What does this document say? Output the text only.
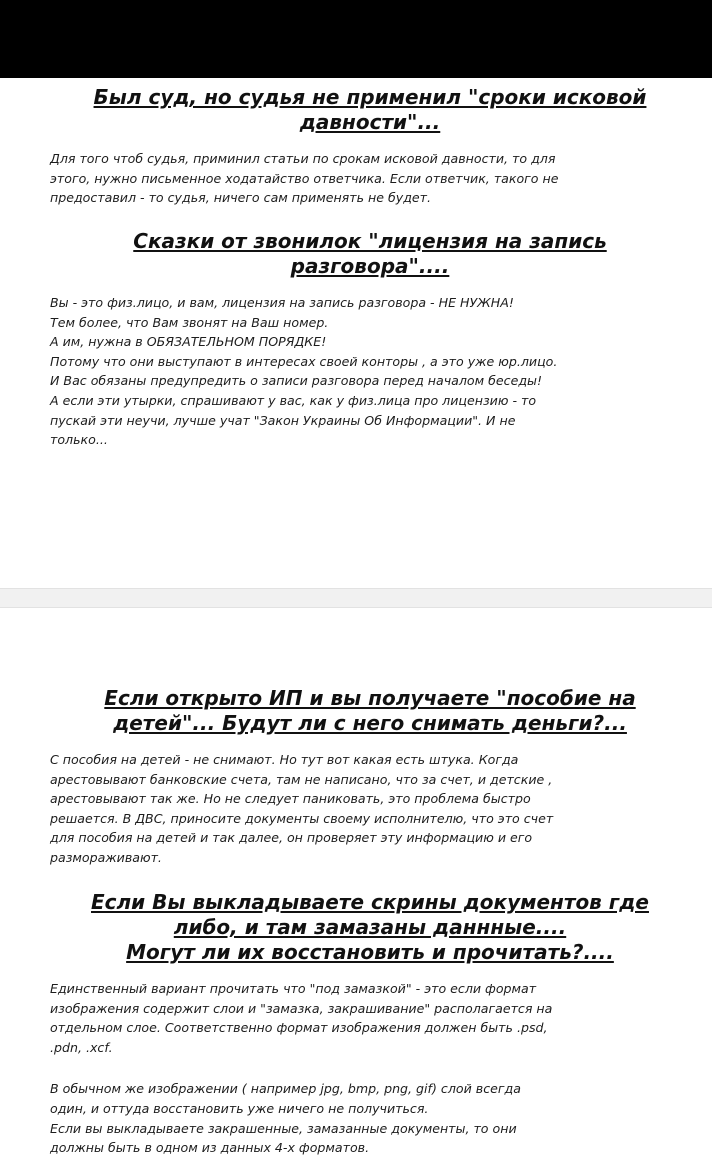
Был суд, но судья не применил "сроки исковой
давности"...
Для того чтоб судья, приминил статьи по срокам исковой давности, то для
этого, нужно письменное ходатайство ответчика. Если ответчик, такого не
предоставил - то судья, ничего сам применять не будет.
Сказки от звонилок "лицензия на запись
разговора"....
Вы - это физ.лицо, и вам, лицензия на запись разговора - НЕ НУЖНА!
Тем более, что Вам звонят на Ваш номер.
А им, нужна в ОБЯЗАТЕЛЬНОМ ПОРЯДКЕ!
Потому что они выступают в интересах своей конторы , а это уже юр.лицо.
И Вас обязаны предупредить о записи разговора перед началом беседы!
А если эти утырки, спрашивают у вас, как у физ.лица про лицензию - то
пускай эти неучи, лучше учат "Закон Украины Об Информации". И не
только...
Если открыто ИП и вы получаете "пособие на
детей"... Будут ли с него снимать деньги?...
С пособия на детей - не снимают. Но тут вот какая есть штука. Когда
арестовывают банковские счета, там не написано, что за счет, и детские ,
арестовывают так же. Но не следует паниковать, это проблема быстро
решается. В ДВС, приносите документы своему исполнителю, что это счет
для пособия на детей и так далее, он проверяет эту информацию и его
размораживают.
Если Вы выкладываете скрины документов где
либо, и там замазаны даннные....
Могут ли их восстановить и прочитать?....
Единственный вариант прочитать что "под замазкой" - это если формат
изображения содержит слои и "замазка, закрашивание" располагается на
отдельном слое. Соответственно формат изображения должен быть .psd,
.pdn, .xcf.
В обычном же изображении ( например jpg, bmp, png, gif) слой всегда
один, и оттуда восстановить уже ничего не получиться.
Если вы выкладываете закрашенные, замазанные документы, то они
должны быть в одном из данных 4-х форматов.
